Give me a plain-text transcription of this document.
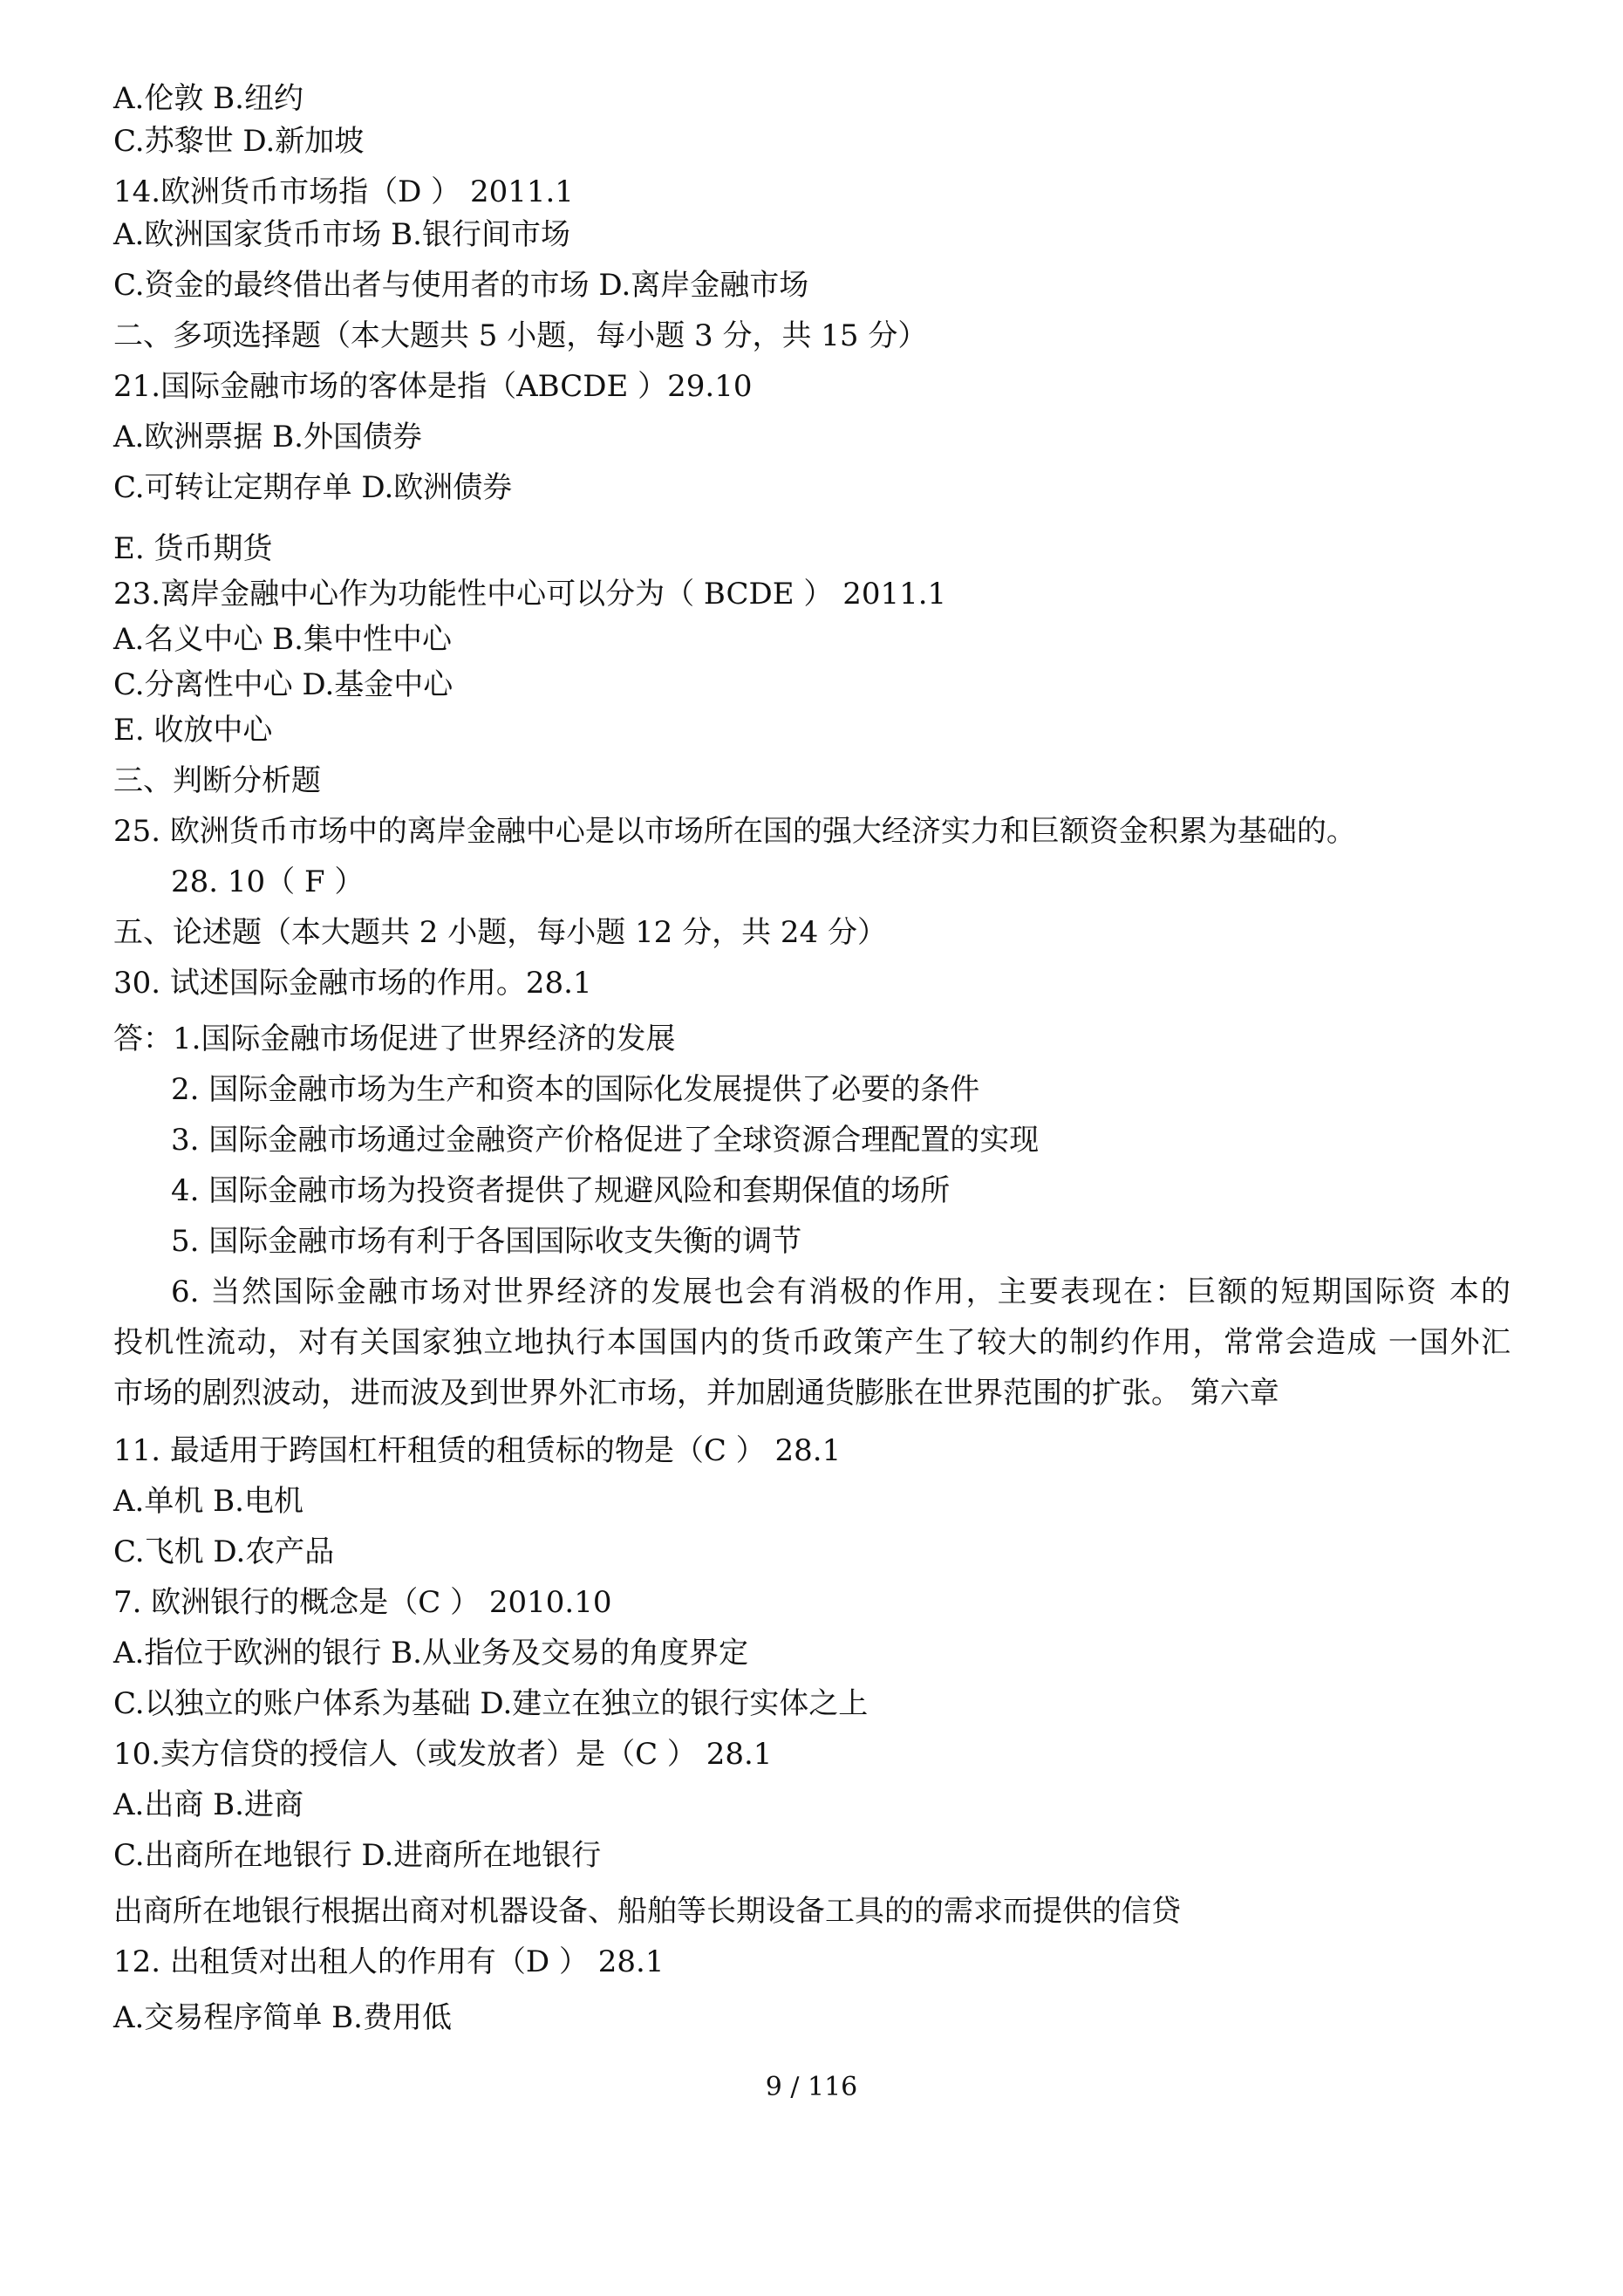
A.伦敦 B.纽约
C.苏黎世 D.新加坡
14.欧洲货币市场指（D ） 2011.1
A.欧洲国家货币市场 B.银行间市场
C.资金的最终借出者与使用者的市场 D.离岸金融市场
二、多项选择题（本大题共 5 小题，每小题 3 分，共 15 分）
21.国际金融市场的客体是指（ABCDE ）29.10
A.欧洲票据 B.外国债券
C.可转让定期存单 D.欧洲债券
E. 货币期货
23.离岸金融中心作为功能性中心可以分为（ BCDE ） 2011.1
A.名义中心 B.集中性中心
C.分离性中心 D.基金中心
E. 收放中心
三、判断分析题
25. 欧洲货币市场中的离岸金融中心是以市场所在国的强大经济实力和巨额资金积累为基础的。
28. 10（ F ）
五、论述题（本大题共 2 小题，每小题 12 分，共 24 分）
30. 试述国际金融市场的作用。28.1
答：1.国际金融市场促进了世界经济的发展
2. 国际金融市场为生产和资本的国际化发展提供了必要的条件
3. 国际金融市场通过金融资产价格促进了全球资源合理配置的实现
4. 国际金融市场为投资者提供了规避风险和套期保值的场所
5. 国际金融市场有利于各国国际收支失衡的调节
6. 当然国际金融市场对世界经济的发展也会有消极的作用，主要表现在：巨额的短期国际资 本的
投机性流动，对有关国家独立地执行本国国内的货币政策产生了较大的制约作用，常常会造成 一国外汇
市场的剧烈波动，进而波及到世界外汇市场，并加剧通货膨胀在世界范围的扩张。 第六章
11. 最适用于跨国杠杆租赁的租赁标的物是（C ） 28.1
A.单机 B.电机
C.飞机 D.农产品
7. 欧洲银行的概念是（C ） 2010.10
A.指位于欧洲的银行 B.从业务及交易的角度界定
C.以独立的账户体系为基础 D.建立在独立的银行实体之上
10.卖方信贷的授信人（或发放者）是（C ） 28.1
A.出商 B.进商
C.出商所在地银行 D.进商所在地银行
出商所在地银行根据出商对机器设备、船舶等长期设备工具的的需求而提供的信贷
12. 出租赁对出租人的作用有（D ） 28.1
A.交易程序简单 B.费用低
9 / 116
